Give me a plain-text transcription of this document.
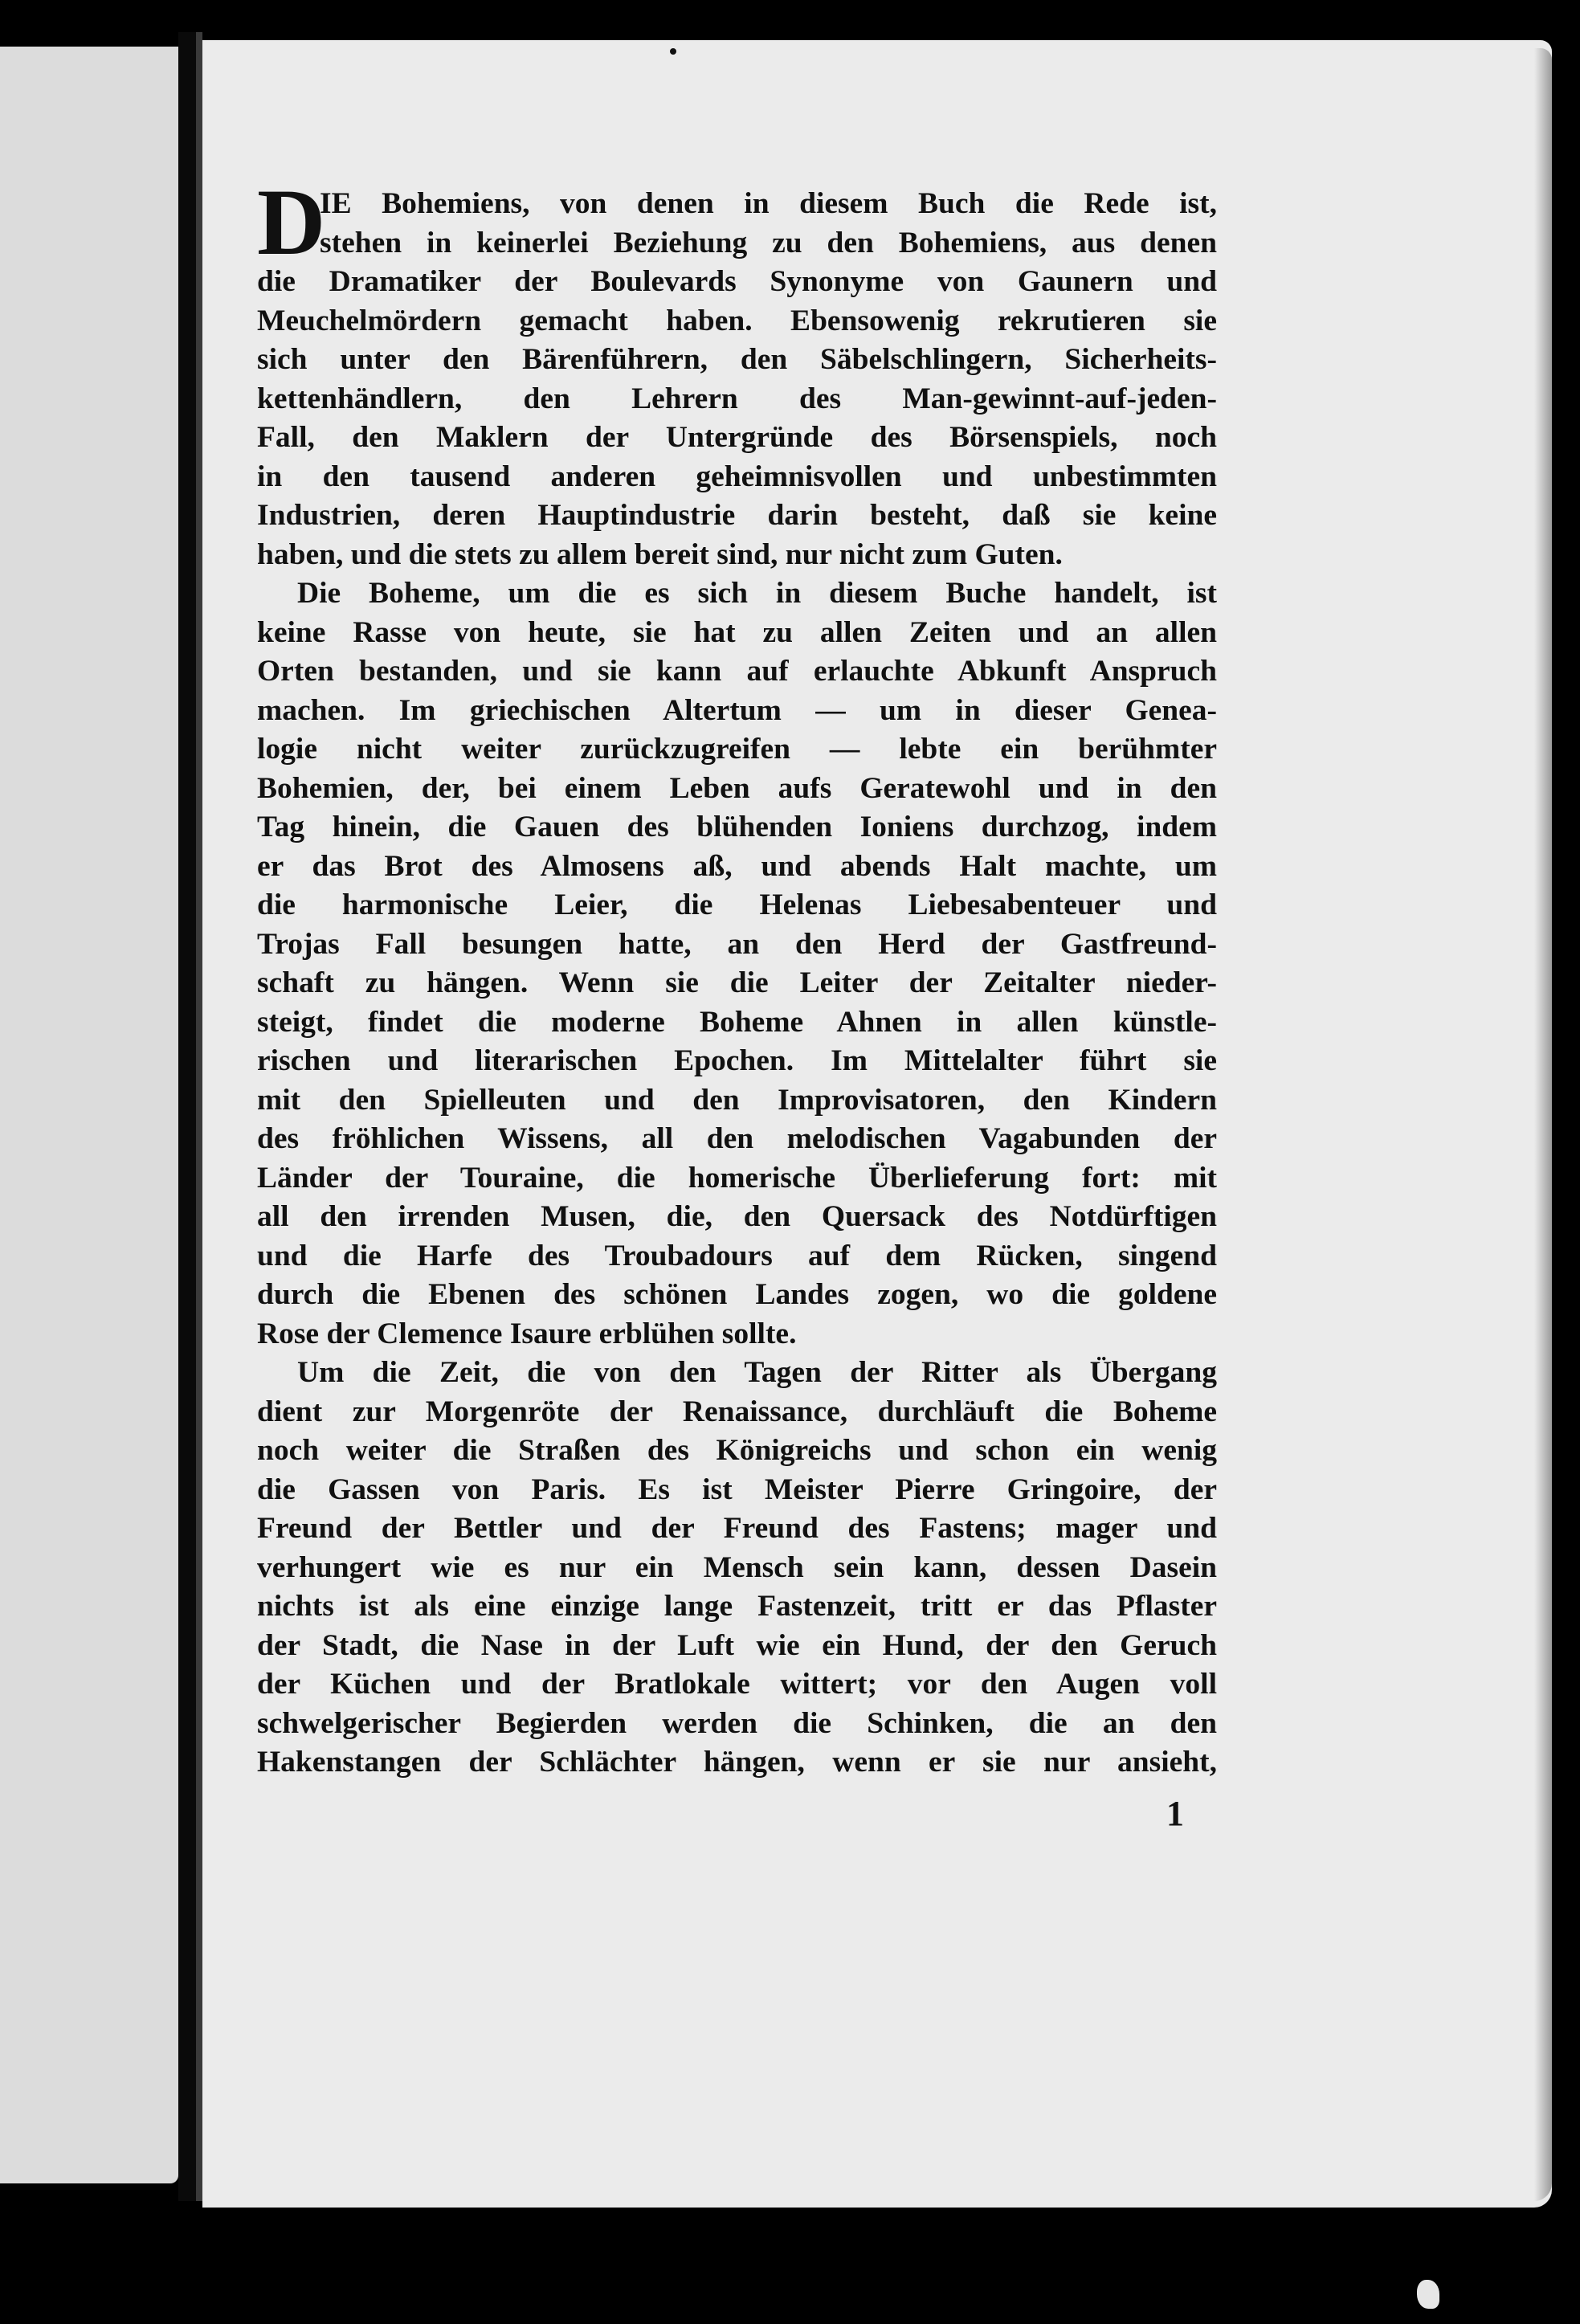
D
IE Bohemiens, von denen in diesem Buch die Rede ist,
stehen in keinerlei Beziehung zu den Bohemiens, aus denen
die Dramatiker der Boulevards Synonyme von Gaunern und
Meuchelmördern gemacht haben. Ebensowenig rekrutieren sie
sich unter den Bärenführern, den Säbelschlingern, Sicherheits-
kettenhändlern, den Lehrern des Man-gewinnt-auf-jeden-
Fall, den Maklern der Untergründe des Börsenspiels, noch
in den tausend anderen geheimnisvollen und unbestimmten
Industrien, deren Hauptindustrie darin besteht, daß sie keine
haben, und die stets zu allem bereit sind, nur nicht zum Guten.
Die Boheme, um die es sich in diesem Buche handelt, ist
keine Rasse von heute, sie hat zu allen Zeiten und an allen
Orten bestanden, und sie kann auf erlauchte Abkunft Anspruch
machen. Im griechischen Altertum — um in dieser Genea-
logie nicht weiter zurückzugreifen — lebte ein berühmter
Bohemien, der, bei einem Leben aufs Geratewohl und in den
Tag hinein, die Gauen des blühenden Ioniens durchzog, indem
er das Brot des Almosens aß, und abends Halt machte, um
die harmonische Leier, die Helenas Liebesabenteuer und
Trojas Fall besungen hatte, an den Herd der Gastfreund-
schaft zu hängen. Wenn sie die Leiter der Zeitalter nieder-
steigt, findet die moderne Boheme Ahnen in allen künstle-
rischen und literarischen Epochen. Im Mittelalter führt sie
mit den Spielleuten und den Improvisatoren, den Kindern
des fröhlichen Wissens, all den melodischen Vagabunden der
Länder der Touraine, die homerische Überlieferung fort: mit
all den irrenden Musen, die, den Quersack des Notdürftigen
und die Harfe des Troubadours auf dem Rücken, singend
durch die Ebenen des schönen Landes zogen, wo die goldene
Rose der Clemence Isaure erblühen sollte.
Um die Zeit, die von den Tagen der Ritter als Übergang
dient zur Morgenröte der Renaissance, durchläuft die Boheme
noch weiter die Straßen des Königreichs und schon ein wenig
die Gassen von Paris. Es ist Meister Pierre Gringoire, der
Freund der Bettler und der Freund des Fastens; mager und
verhungert wie es nur ein Mensch sein kann, dessen Dasein
nichts ist als eine einzige lange Fastenzeit, tritt er das Pflaster
der Stadt, die Nase in der Luft wie ein Hund, der den Geruch
der Küchen und der Bratlokale wittert; vor den Augen voll
schwelgerischer Begierden werden die Schinken, die an den
Hakenstangen der Schlächter hängen, wenn er sie nur ansieht,
1
